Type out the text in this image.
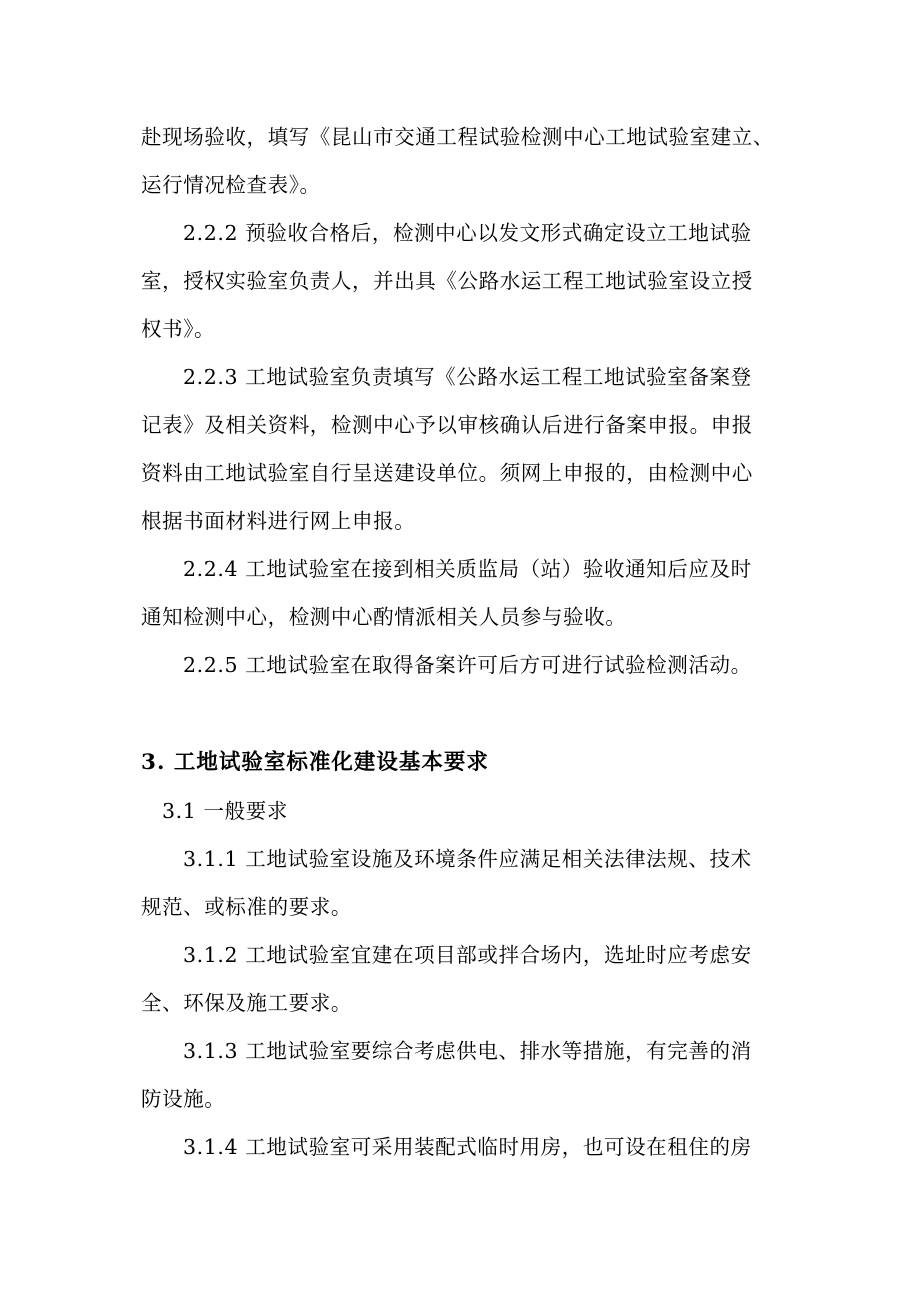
赴现场验收，填写《昆山市交通工程试验检测中心工地试验室建立、
运行情况检查表》。
2.2.2 预验收合格后，检测中心以发文形式确定设立工地试验
室，授权实验室负责人，并出具《公路水运工程工地试验室设立授
权书》。
2.2.3 工地试验室负责填写《公路水运工程工地试验室备案登
记表》及相关资料，检测中心予以审核确认后进行备案申报。申报
资料由工地试验室自行呈送建设单位。须网上申报的，由检测中心
根据书面材料进行网上申报。
2.2.4 工地试验室在接到相关质监局（站）验收通知后应及时
通知检测中心，检测中心酌情派相关人员参与验收。
2.2.5 工地试验室在取得备案许可后方可进行试验检测活动。
3. 工地试验室标准化建设基本要求
3.1 一般要求
3.1.1 工地试验室设施及环境条件应满足相关法律法规、技术
规范、或标准的要求。
3.1.2 工地试验室宜建在项目部或拌合场内，选址时应考虑安
全、环保及施工要求。
3.1.3 工地试验室要综合考虑供电、排水等措施，有完善的消
防设施。
3.1.4 工地试验室可采用装配式临时用房，也可设在租住的房
